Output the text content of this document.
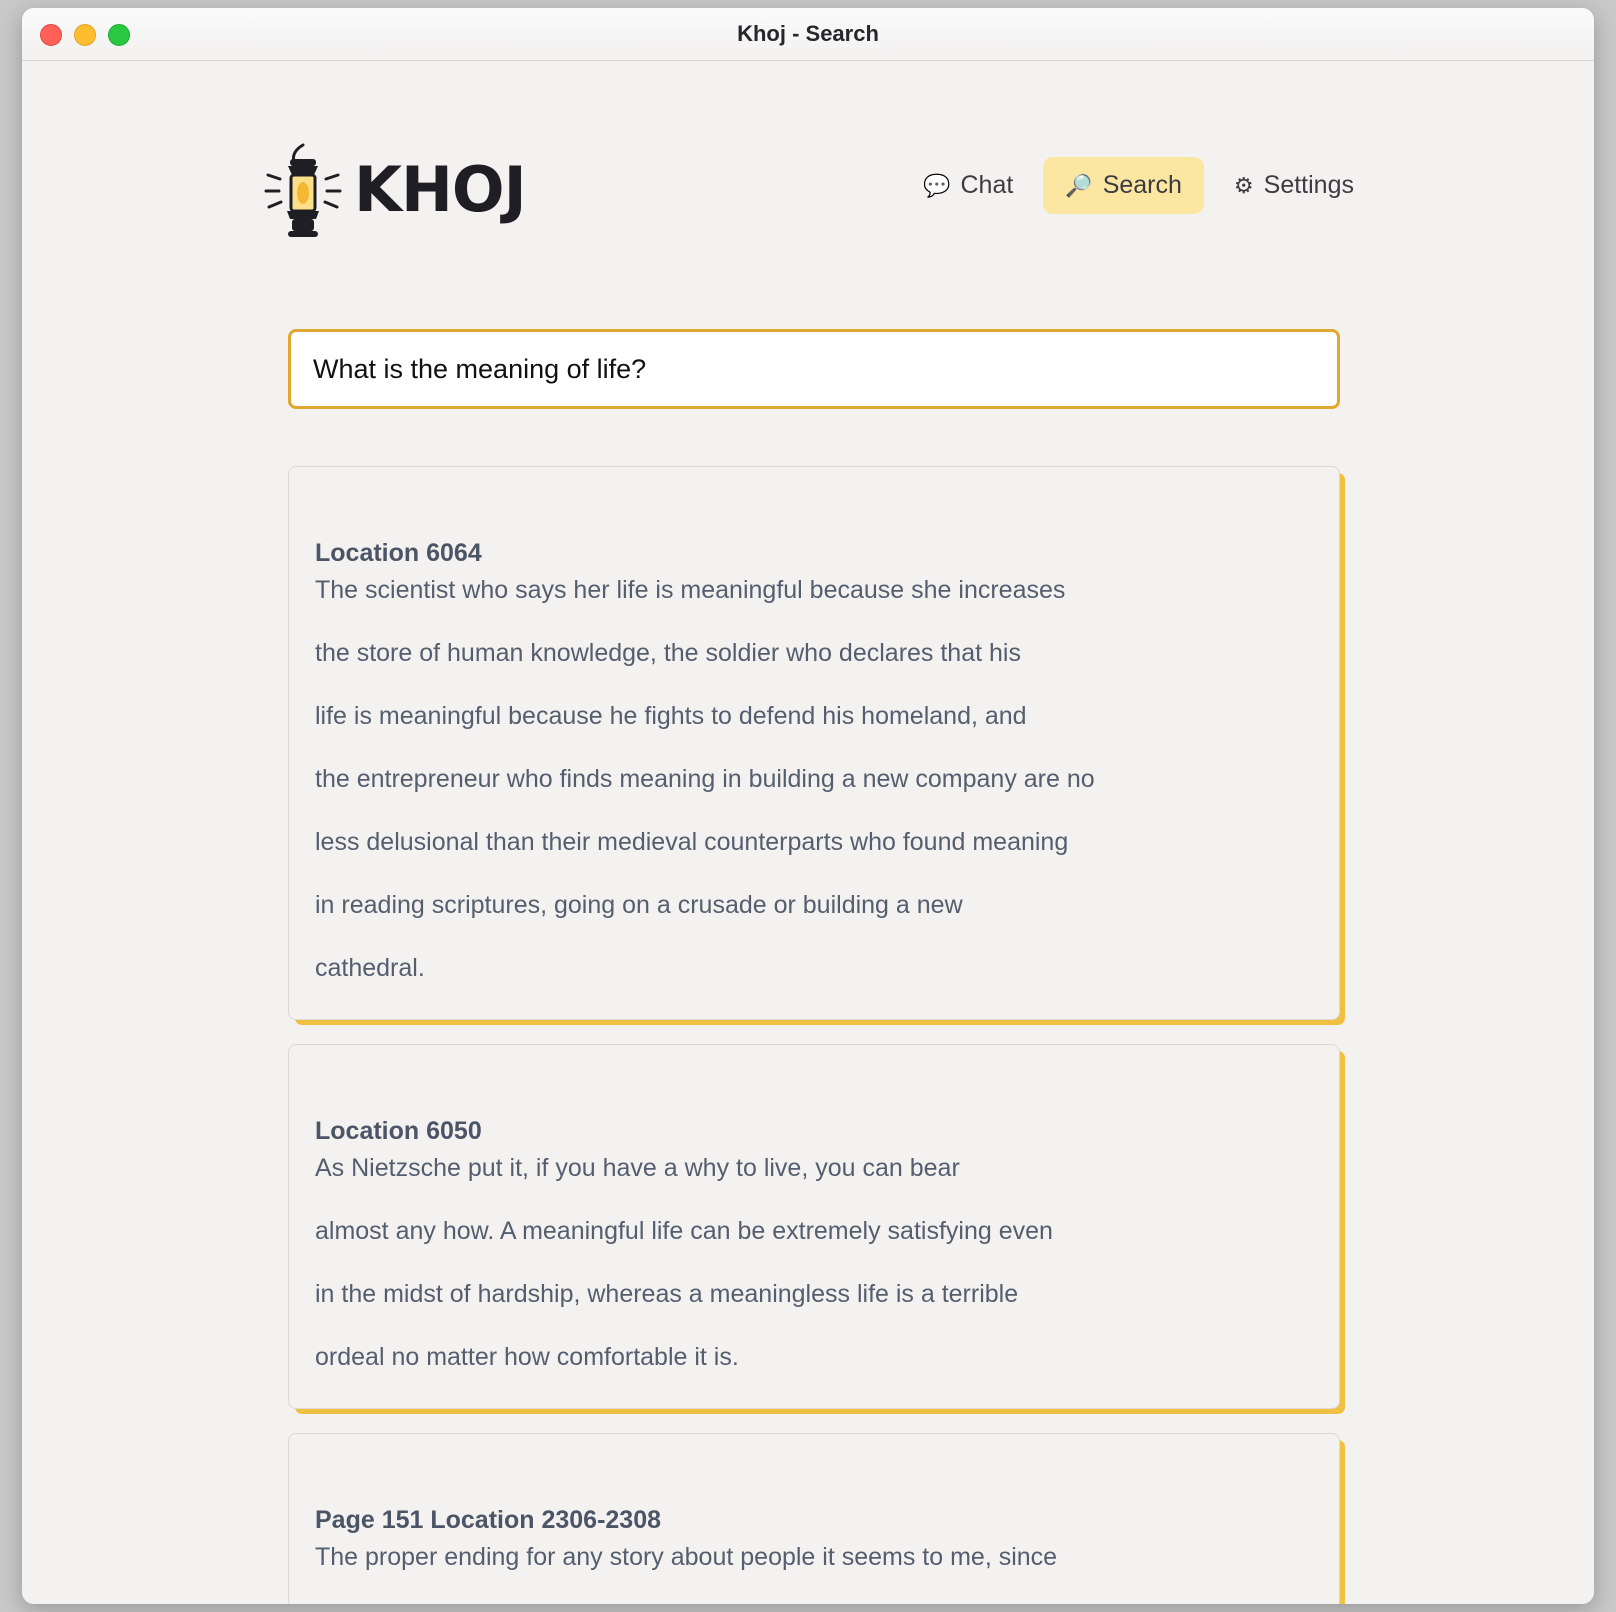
Khoj - Search
KHOJ	💬 Chat 🔎 Search ⚙ Settings
What is the meaning of life?
Location 6064
The scientist who says her life is meaningful because she increases
the store of human knowledge, the soldier who declares that his
life is meaningful because he fights to defend his homeland, and
the entrepreneur who finds meaning in building a new company are no
less delusional than their medieval counterparts who found meaning
in reading scriptures, going on a crusade or building a new
cathedral.
Location 6050
As Nietzsche put it, if you have a why to live, you can bear
almost any how. A meaningful life can be extremely satisfying even
in the midst of hardship, whereas a meaningless life is a terrible
ordeal no matter how comfortable it is.
Page 151 Location 2306-2308
The proper ending for any story about people it seems to me, since
